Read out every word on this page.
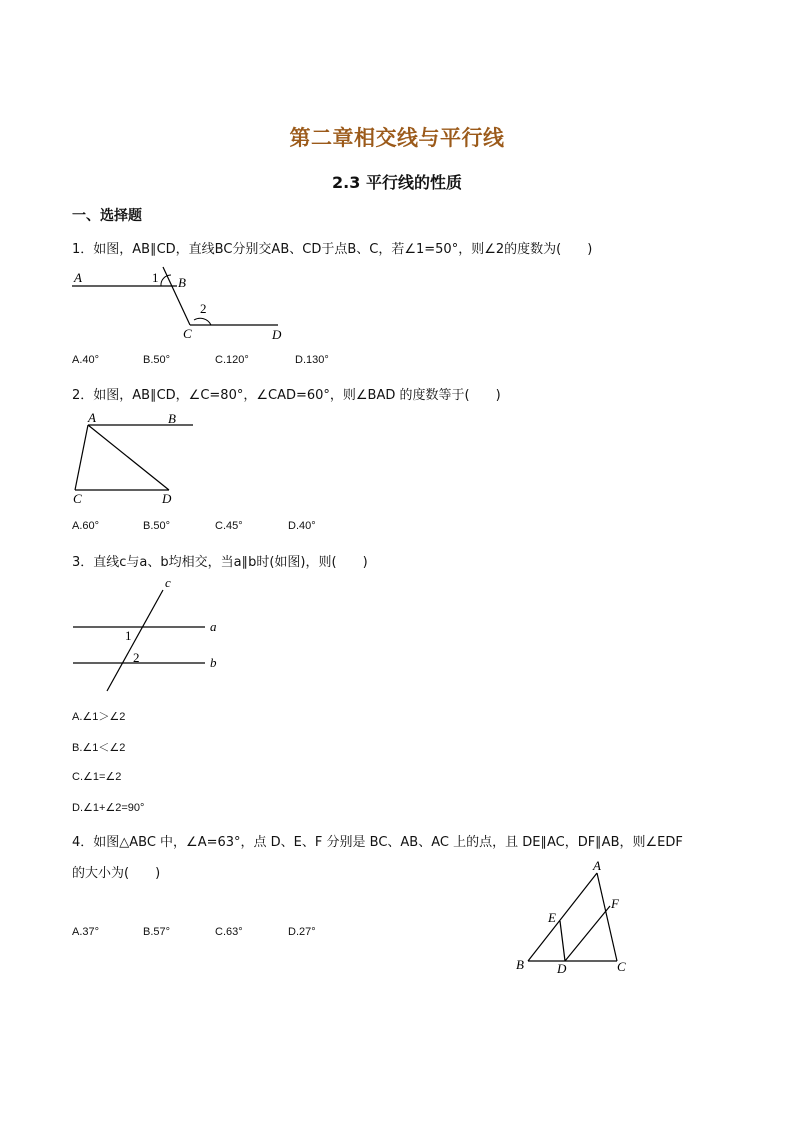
第二章相交线与平行线
2.3 平行线的性质
一、选择题
1．如图，AB∥CD，直线BC分别交AB、CD于点B、C，若∠1=50°，则∠2的度数为(　　)
A	1 B
2
C	D
A.40°	B.50°	C.120°	D.130°
2．如图，AB∥CD，∠C=80°，∠CAD=60°，则∠BAD 的度数等于(　　)
A	B
C	D
A.60°	B.50°	C.45°	D.40°
3．直线c与a、b均相交，当a∥b时(如图)，则(　　)
c
a
b
1
2
A.∠1＞∠2
B.∠1＜∠2
C.∠1=∠2
D.∠1+∠2=90°
4．如图△ABC 中，∠A=63°，点 D、E、F 分别是 BC、AB、AC 上的点，且 DE∥AC，DF∥AB，则∠EDF
的大小为(　　)
A.37°	B.57°	C.63°	D.27°
A
E
F
B	D	C
